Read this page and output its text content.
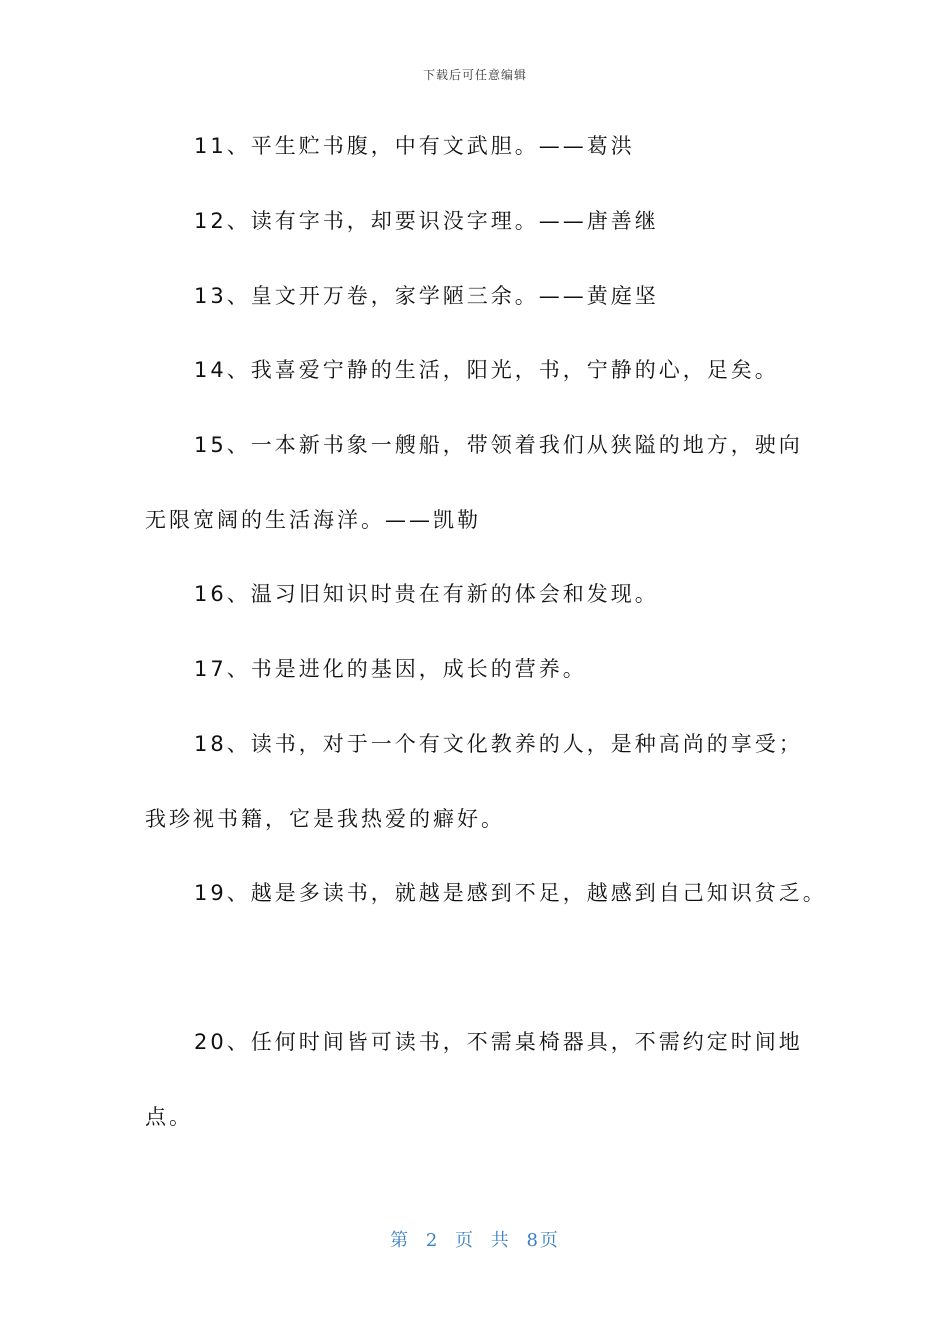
下载后可任意编辑
11、平生贮书腹，中有文武胆。——葛洪
12、读有字书，却要识没字理。——唐善继
13、皇文开万卷，家学陋三余。——黄庭坚
14、我喜爱宁静的生活，阳光，书，宁静的心，足矣。
15、一本新书象一艘船，带领着我们从狭隘的地方，驶向
无限宽阔的生活海洋。——凯勒
16、温习旧知识时贵在有新的体会和发现。
17、书是进化的基因，成长的营养。
18、读书，对于一个有文化教养的人，是种高尚的享受；
我珍视书籍，它是我热爱的癖好。
19、越是多读书，就越是感到不足，越感到自己知识贫乏。
20、任何时间皆可读书，不需桌椅器具，不需约定时间地
点。
第 2 页 共 8页
